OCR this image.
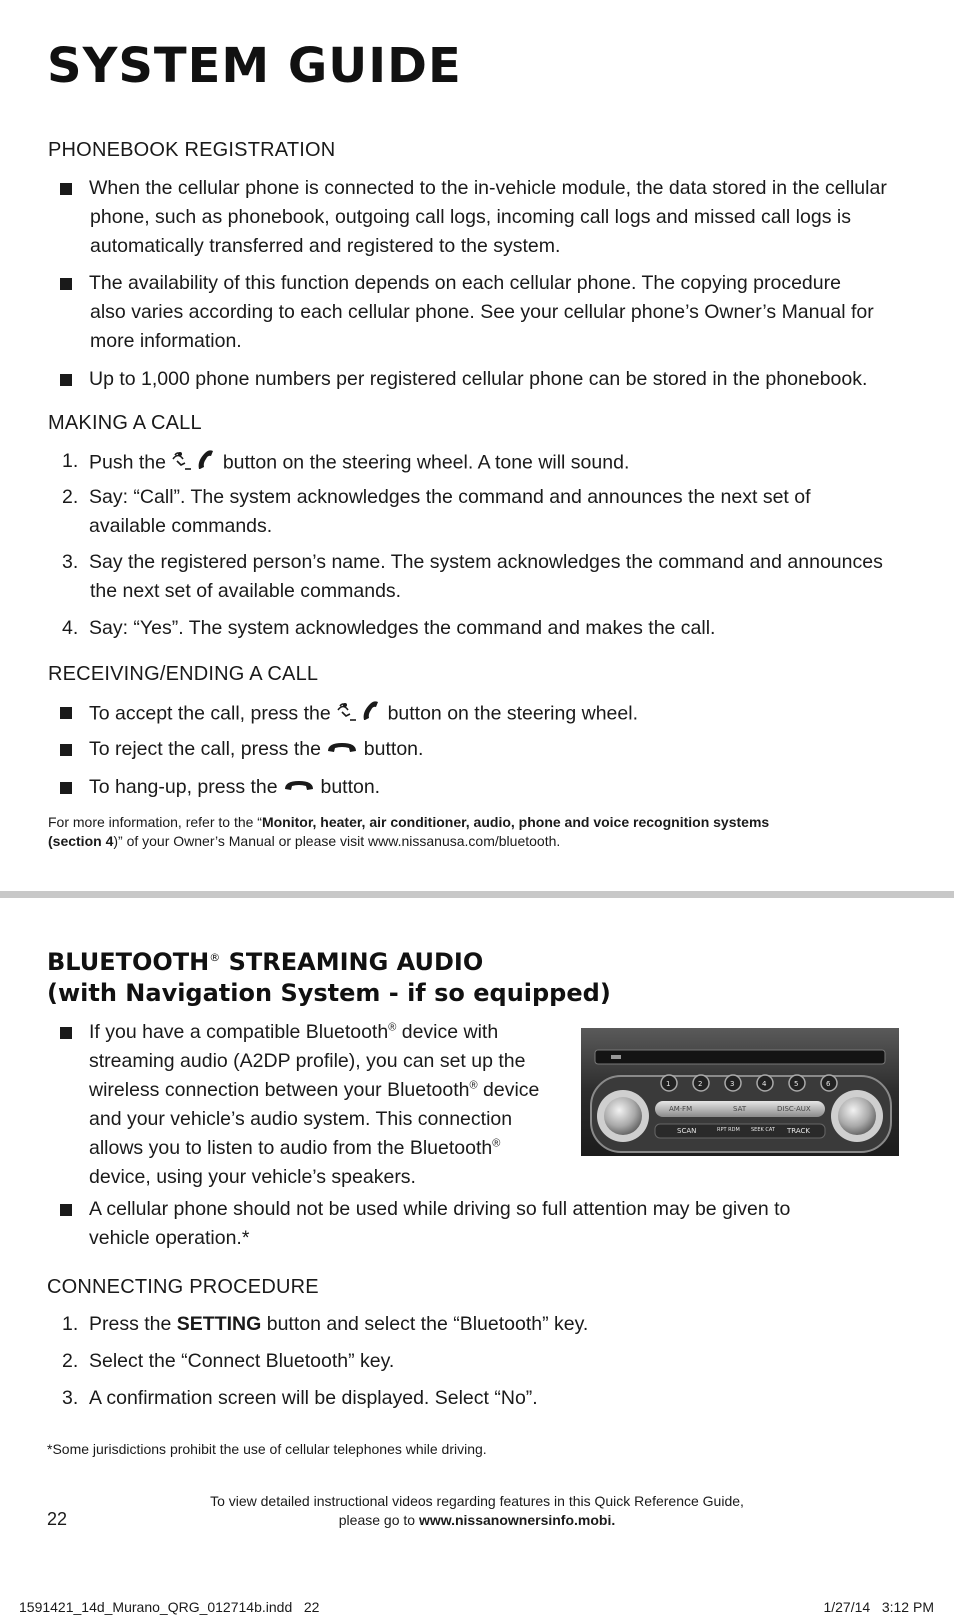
SYSTEM GUIDE
PHONEBOOK REGISTRATION
When the cellular phone is connected to the in-vehicle module, the data stored in the cellular
phone, such as phonebook, outgoing call logs, incoming call logs and missed call logs is
automatically transferred and registered to the system.
The availability of this function depends on each cellular phone. The copying procedure
also varies according to each cellular phone. See your cellular phone’s Owner’s Manual for
more information.
Up to 1,000 phone numbers per registered cellular phone can be stored in the phonebook.
MAKING A CALL
1. Push the	button on the steering wheel. A tone will sound.
2. Say: “Call”. The system acknowledges the command and announces the next set of
available commands.
3. Say the registered person’s name. The system acknowledges the command and announces
the next set of available commands.
4. Say: “Yes”. The system acknowledges the command and makes the call.
RECEIVING/ENDING A CALL
To accept the call, press the	button on the steering wheel.
To reject the call, press the button.
To hang-up, press the button.
For more information, refer to the “Monitor, heater, air conditioner, audio, phone and voice recognition systems
(section 4)” of your Owner’s Manual or please visit www.nissanusa.com/bluetooth.
BLUETOOTH® STREAMING AUDIO
(with Navigation System - if so equipped)
If you have a compatible Bluetooth® device with
streaming audio (A2DP profile), you can set up the
wireless connection between your Bluetooth® device
and your vehicle’s audio system. This connection
allows you to listen to audio from the Bluetooth®
device, using your vehicle’s speakers.
1	2	3	4	5	6
AM·FM	SAT	DISC·AUX
SCAN	RPT RDM SEEK CAT TRACK
A cellular phone should not be used while driving so full attention may be given to
vehicle operation.*
CONNECTING PROCEDURE
1. Press the SETTING button and select the “Bluetooth” key.
2. Select the “Connect Bluetooth” key.
3. A confirmation screen will be displayed. Select “No”.
*Some jurisdictions prohibit the use of cellular telephones while driving.
To view detailed instructional videos regarding features in this Quick Reference Guide,
please go to www.nissanownersinfo.mobi.
22
1591421_14d_Murano_QRG_012714b.indd   22	1/27/14   3:12 PM
